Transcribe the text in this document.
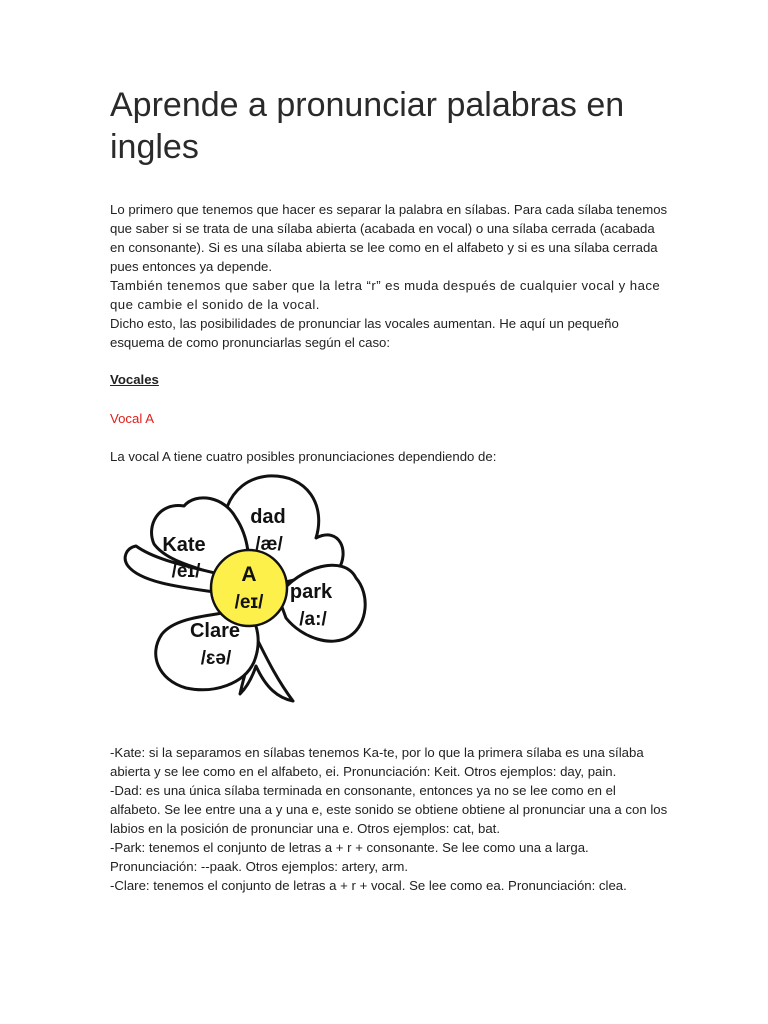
Aprende a pronunciar palabras en ingles

Lo primero que tenemos que hacer es separar la palabra en sílabas. Para cada sílaba tenemos que saber si se trata de una sílaba abierta (acabada en vocal) o una sílaba cerrada (acabada en consonante). Si es una sílaba abierta se lee como en el alfabeto y si es una sílaba cerrada pues entonces ya depende.

También tenemos que saber que la letra “r” es muda después de cualquier vocal y hace que cambie el sonido de la vocal.

Dicho esto, las posibilidades de pronunciar las vocales aumentan. He aquí un pequeño esquema de como pronunciarlas según el caso:

Vocales

Vocal A

La vocal A tiene cuatro posibles pronunciaciones dependiendo de:

A
/eɪ/
Kate
/eɪ/
dad
/æ/
park
/a:/
Clare
/ɛə/

-Kate: si la separamos en sílabas tenemos Ka-te, por lo que la primera sílaba es una sílaba abierta y se lee como en el alfabeto, ei. Pronunciación: Keit. Otros ejemplos: day, pain.

-Dad: es una única sílaba terminada en consonante, entonces ya no se lee como en el alfabeto. Se lee entre una a y una e, este sonido se obtiene obtiene al pronunciar una a con los labios en la posición de pronunciar una e. Otros ejemplos: cat, bat.

-Park: tenemos el conjunto de letras a + r + consonante. Se lee como una a larga. Pronunciación: --paak. Otros ejemplos: artery, arm.

-Clare: tenemos el conjunto de letras a + r + vocal. Se lee como ea. Pronunciación: clea.
